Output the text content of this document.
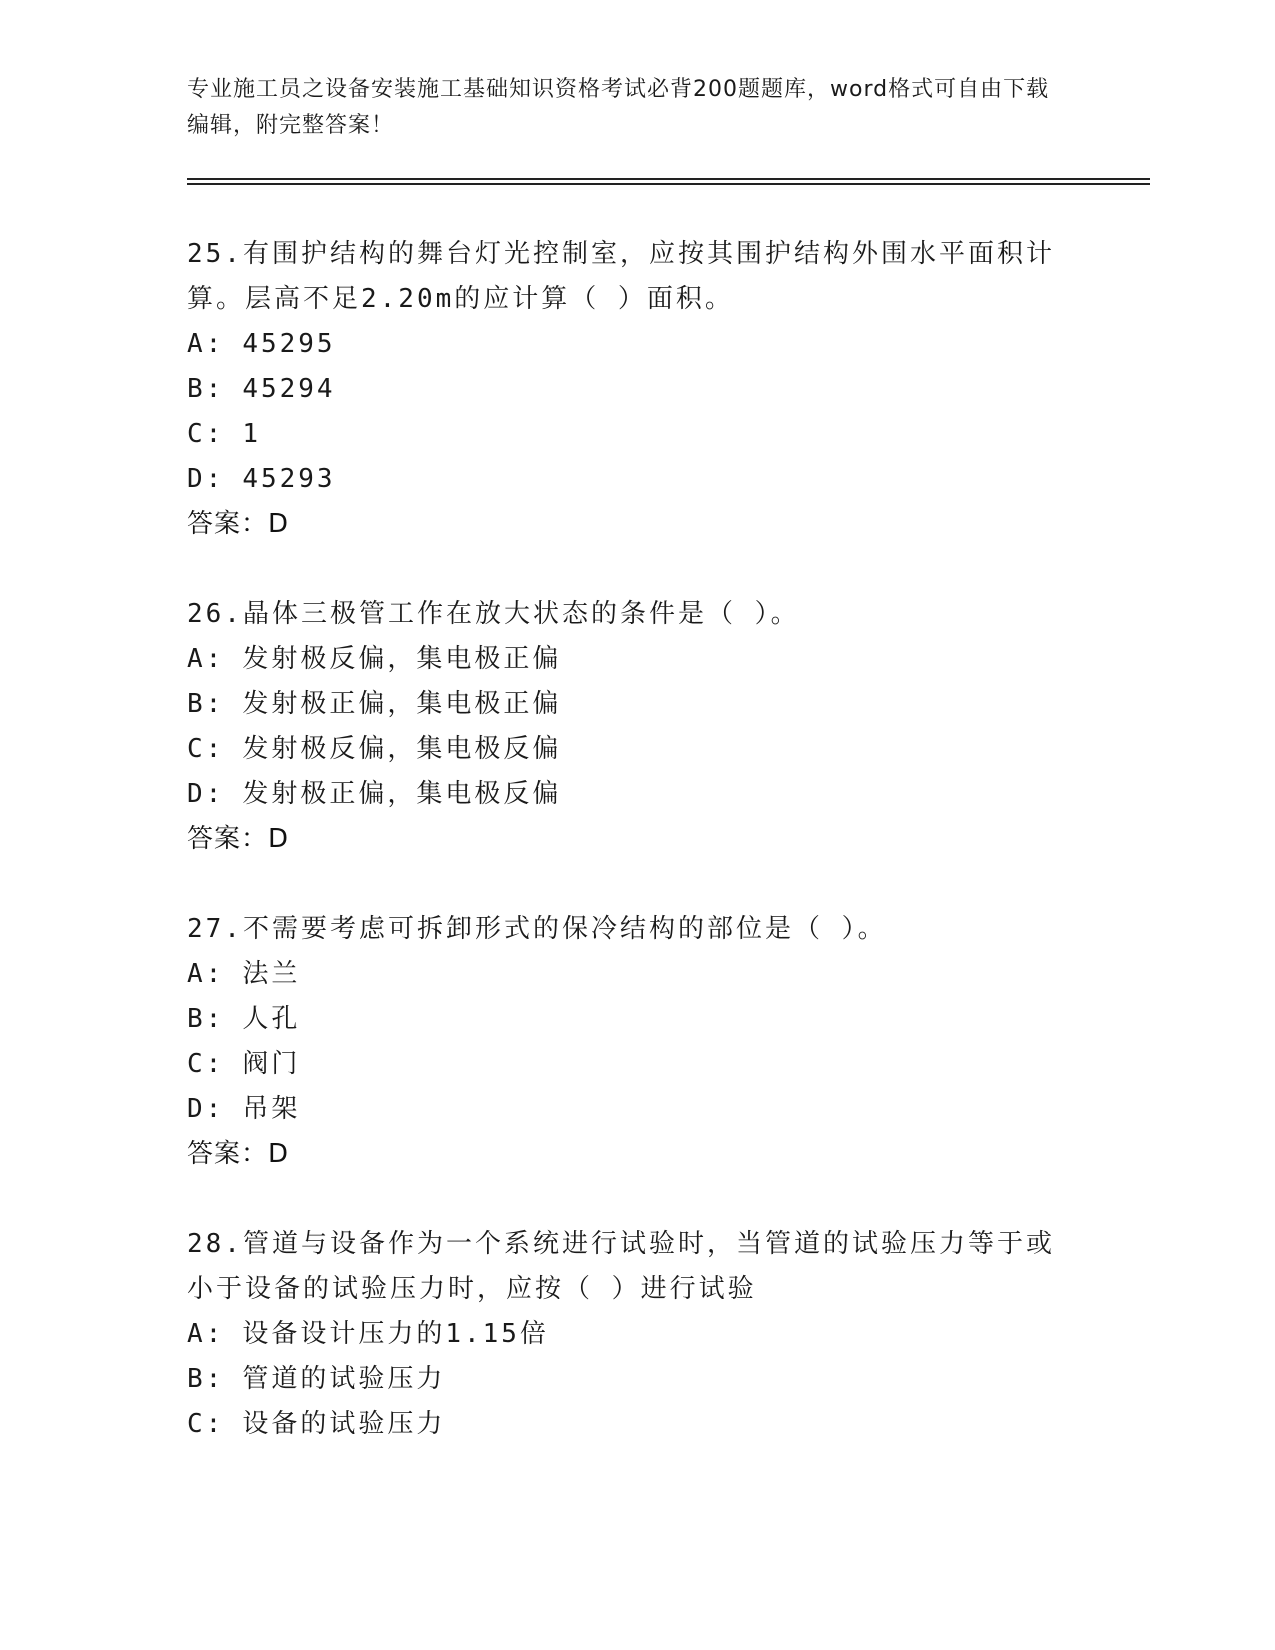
专业施工员之设备安装施工基础知识资格考试必背200题题库，word格式可自由下载编辑，附完整答案！
25.有围护结构的舞台灯光控制室，应按其围护结构外围水平面积计算。层高不足2.20m的应计算（ ）面积。
A: 45295
B: 45294
C: 1
D: 45293
答案：D
26.晶体三极管工作在放大状态的条件是（ ）。
A: 发射极反偏，集电极正偏
B: 发射极正偏，集电极正偏
C: 发射极反偏，集电极反偏
D: 发射极正偏，集电极反偏
答案：D
27.不需要考虑可拆卸形式的保冷结构的部位是（ ）。
A: 法兰
B: 人孔
C: 阀门
D: 吊架
答案：D
28.管道与设备作为一个系统进行试验时，当管道的试验压力等于或小于设备的试验压力时，应按（ ）进行试验
A: 设备设计压力的1.15倍
B: 管道的试验压力
C: 设备的试验压力
